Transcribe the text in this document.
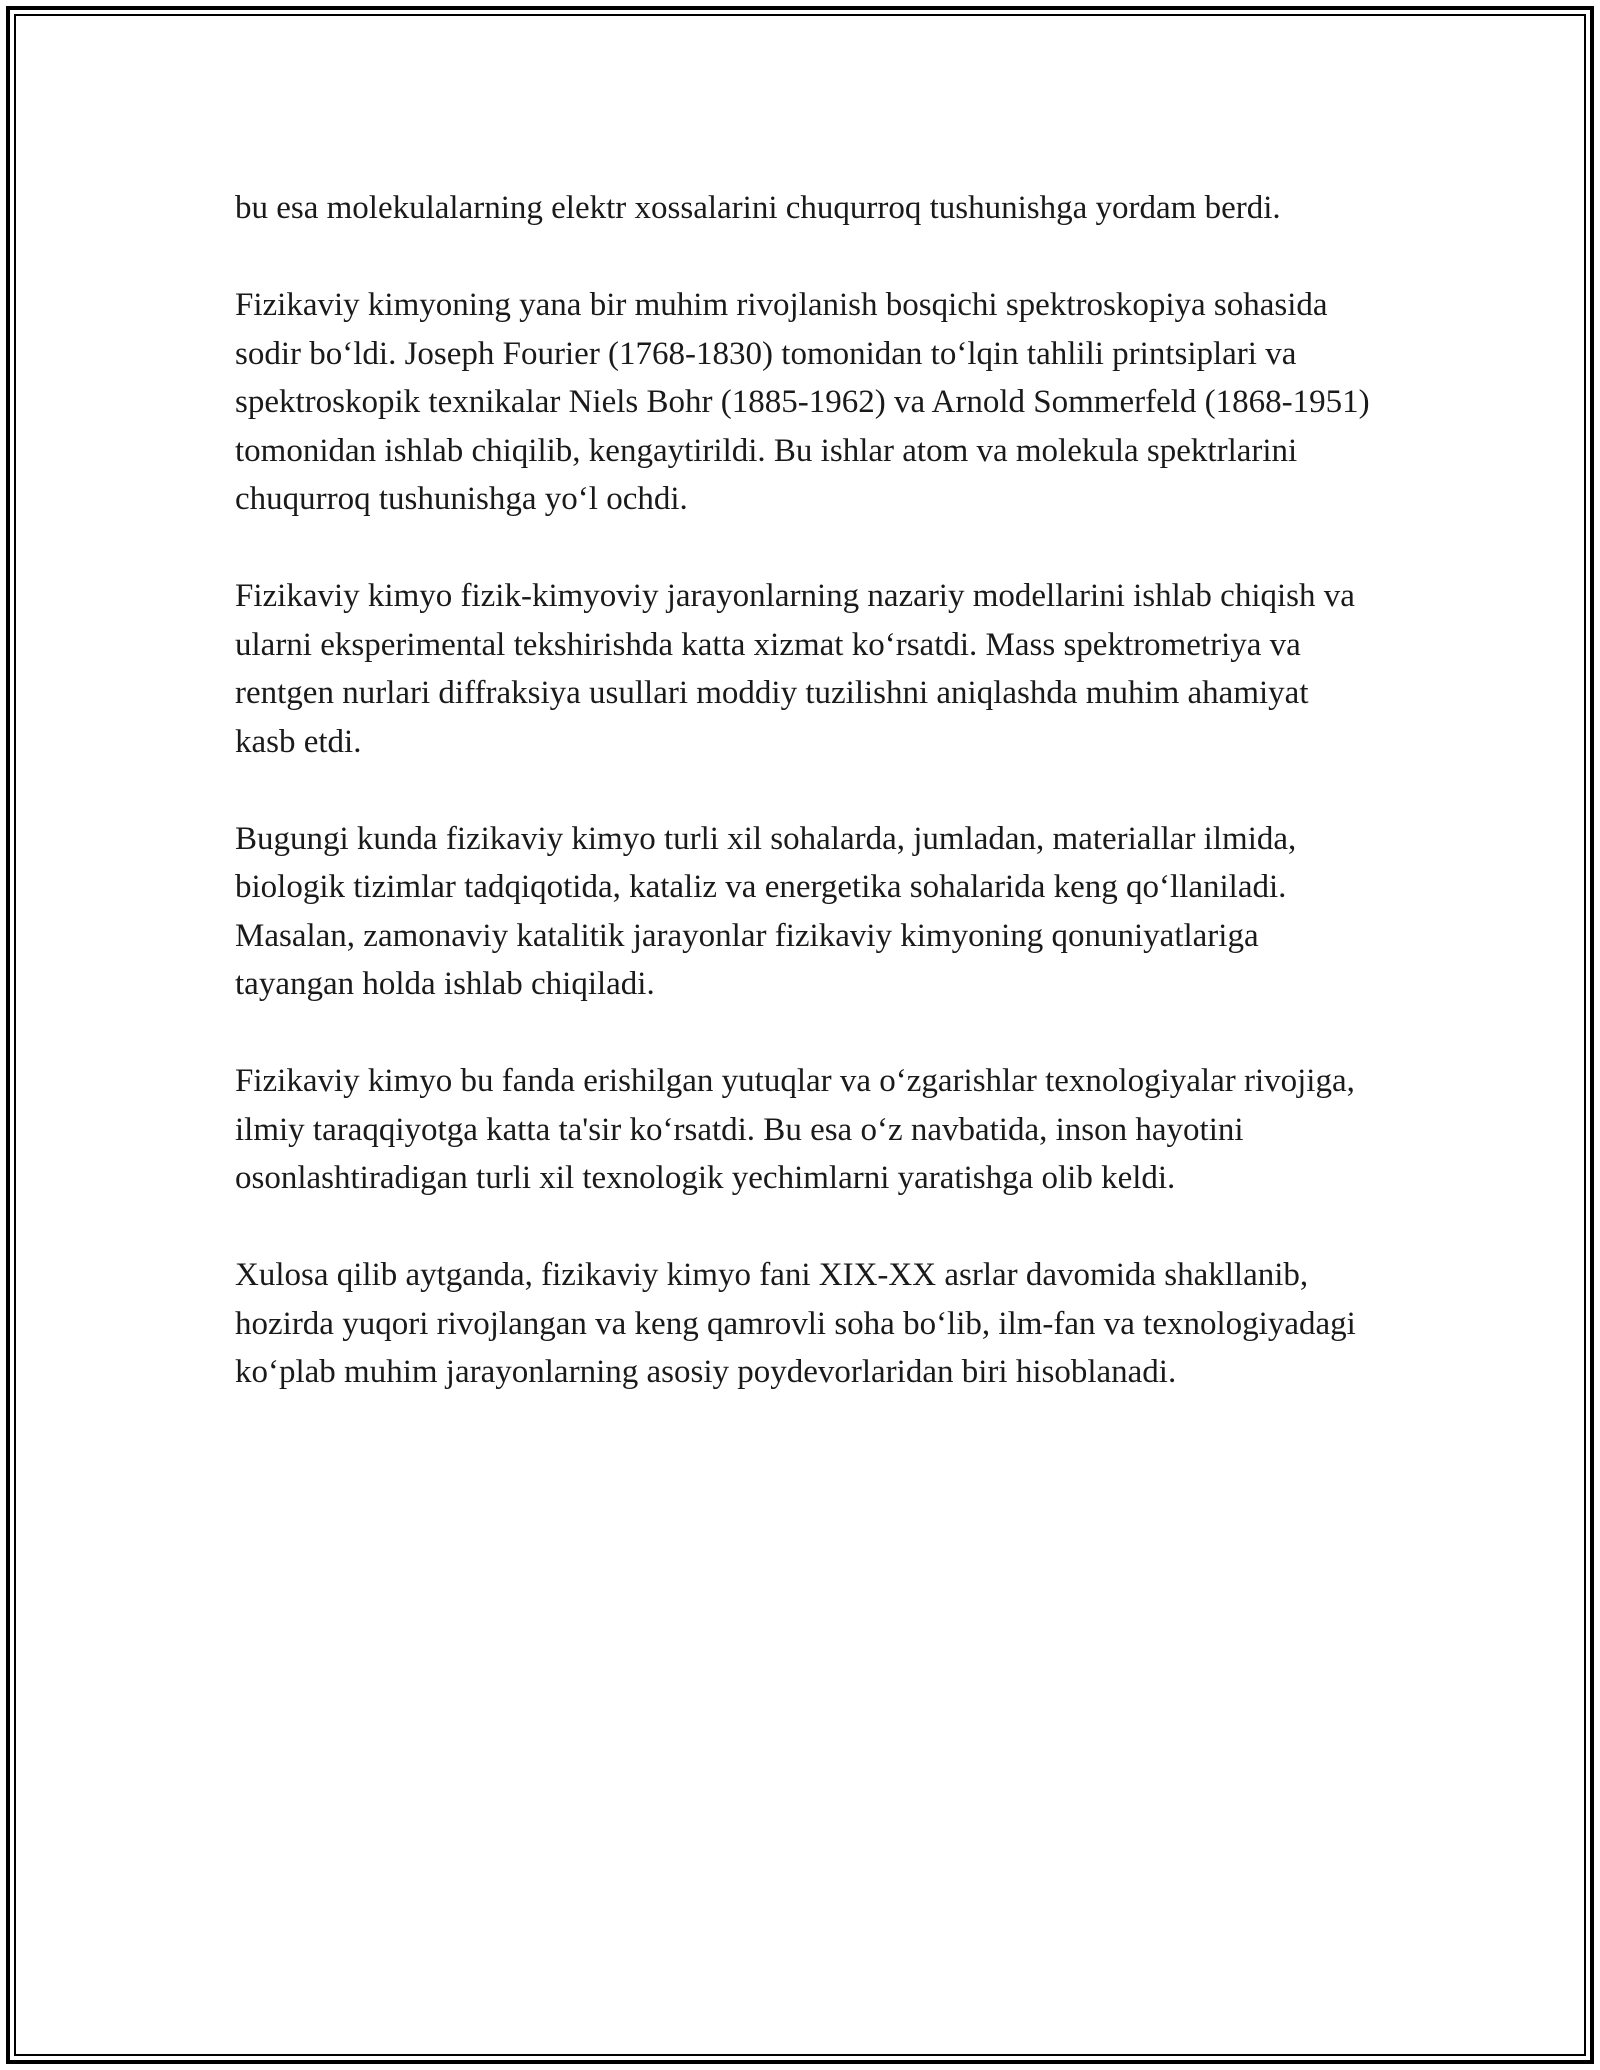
bu esa molekulalarning elektr xossalarini chuqurroq tushunishga yordam berdi.

Fizikaviy kimyoning yana bir muhim rivojlanish bosqichi spektroskopiya sohasida sodir bo‘ldi. Joseph Fourier (1768-1830) tomonidan to‘lqin tahlili printsiplari va spektroskopik texnikalar Niels Bohr (1885-1962) va Arnold Sommerfeld (1868-1951) tomonidan ishlab chiqilib, kengaytirildi. Bu ishlar atom va molekula spektrlarini chuqurroq tushunishga yo‘l ochdi.

Fizikaviy kimyo fizik-kimyoviy jarayonlarning nazariy modellarini ishlab chiqish va ularni eksperimental tekshirishda katta xizmat ko‘rsatdi. Mass spektrometriya va rentgen nurlari diffraksiya usullari moddiy tuzilishni aniqlashda muhim ahamiyat kasb etdi.

Bugungi kunda fizikaviy kimyo turli xil sohalarda, jumladan, materiallar ilmida, biologik tizimlar tadqiqotida, kataliz va energetika sohalarida keng qo‘llaniladi. Masalan, zamonaviy katalitik jarayonlar fizikaviy kimyoning qonuniyatlariga tayangan holda ishlab chiqiladi.

Fizikaviy kimyo bu fanda erishilgan yutuqlar va o‘zgarishlar texnologiyalar rivojiga, ilmiy taraqqiyotga katta ta'sir ko‘rsatdi. Bu esa o‘z navbatida, inson hayotini osonlashtiradigan turli xil texnologik yechimlarni yaratishga olib keldi.

Xulosa qilib aytganda, fizikaviy kimyo fani XIX-XX asrlar davomida shakllanib, hozirda yuqori rivojlangan va keng qamrovli soha bo‘lib, ilm-fan va texnologiyadagi ko‘plab muhim jarayonlarning asosiy poydevorlaridan biri hisoblanadi.
